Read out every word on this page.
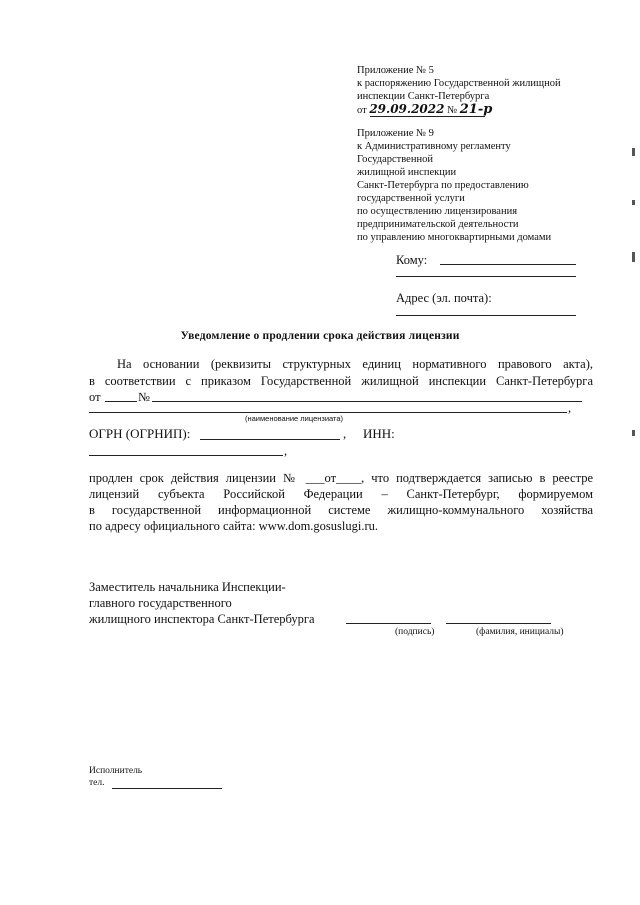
Приложение № 5
к распоряжению Государственной жилищной
инспекции Санкт-Петербурга
от 29.09.2022 № 21-р
Приложение № 9
к Административному регламенту
Государственной
жилищной инспекции
Санкт-Петербурга по предоставлению
государственной услуги
по осуществлению лицензирования
предпринимательской деятельности
по управлению многоквартирными домами
Кому:
Адрес (эл. почта):
Уведомление о продлении срока действия лицензии
На основании (реквизиты структурных единиц нормативного правового акта),
в соответствии с приказом Государственной жилищной инспекции Санкт-Петербурга
от	№
,
(наименование лицензиата)
ОГРН (ОГРНИП):	, ИНН:
,
продлен срок действия лицензии № ___от____, что подтверждается записью в реестре
лицензий субъекта Российской Федерации – Санкт-Петербург, формируемом
в государственной информационной системе жилищно-коммунального хозяйства
по адресу официального сайта: www.dom.gosuslugi.ru.
Заместитель начальника Инспекции-
главного государственного
жилищного инспектора Санкт-Петербурга
(подпись)	(фамилия, инициалы)
Исполнитель
тел.
